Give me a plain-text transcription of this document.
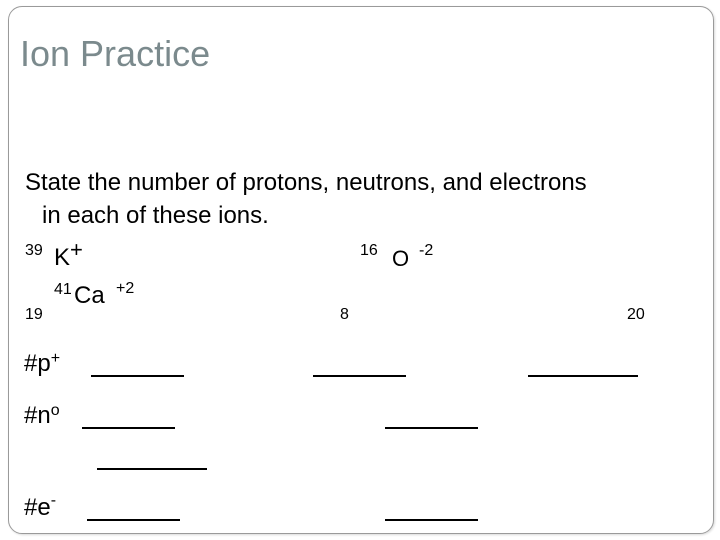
Ion Practice
State the number of protons, neutrons, and electrons
in each of these ions.
39 K +
19
41 Ca +2
20
16 O -2
8
#p+
$\#n^o$
#e-
